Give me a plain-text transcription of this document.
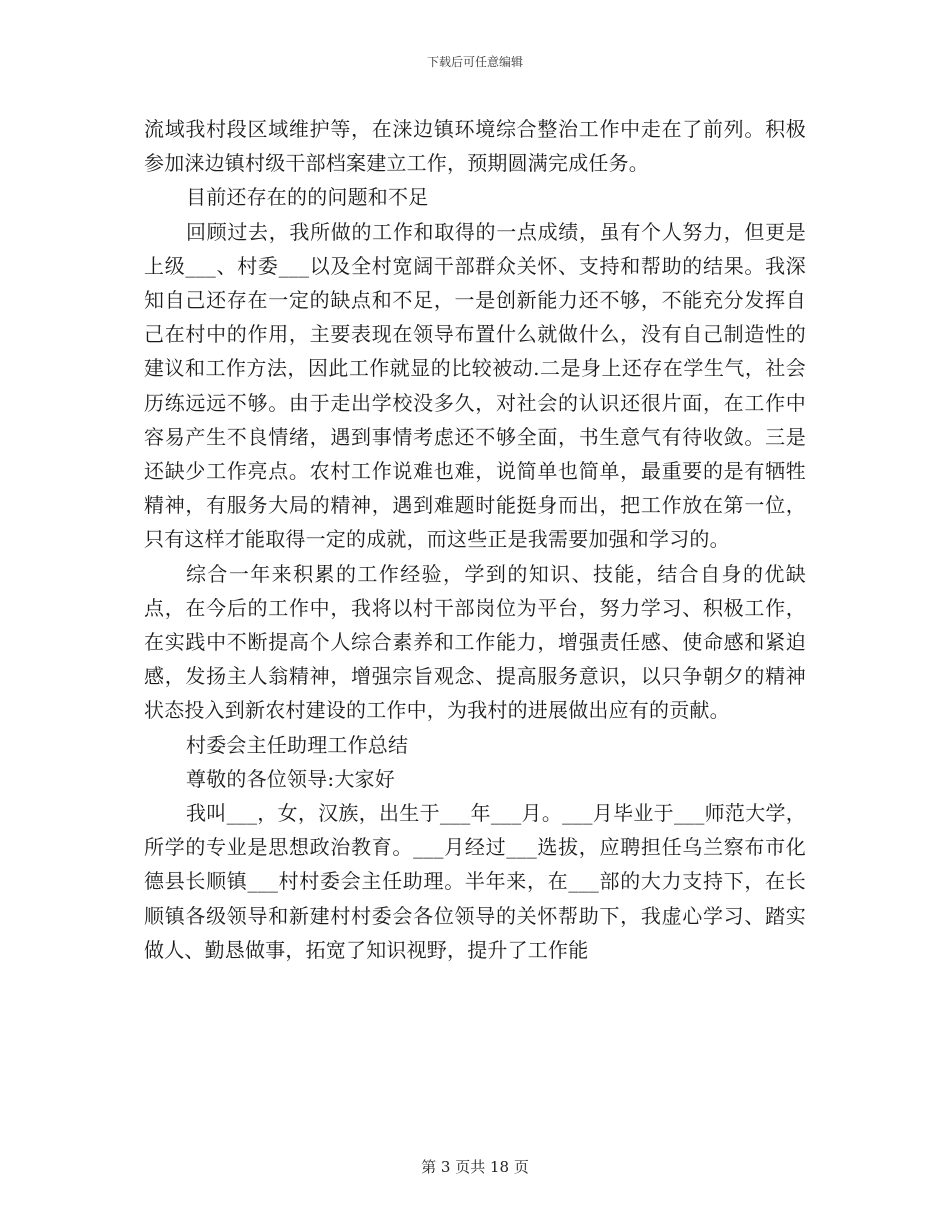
下载后可任意编辑

流域我村段区域维护等，在涞边镇环境综合整治工作中走在了前列。积极参加涞边镇村级干部档案建立工作，预期圆满完成任务。

目前还存在的的问题和不足

回顾过去，我所做的工作和取得的一点成绩，虽有个人努力，但更是上级___、村委___以及全村宽阔干部群众关怀、支持和帮助的结果。我深知自己还存在一定的缺点和不足，一是创新能力还不够，不能充分发挥自己在村中的作用，主要表现在领导布置什么就做什么，没有自己制造性的建议和工作方法，因此工作就显的比较被动.二是身上还存在学生气，社会历练远远不够。由于走出学校没多久，对社会的认识还很片面，在工作中容易产生不良情绪，遇到事情考虑还不够全面，书生意气有待收敛。三是还缺少工作亮点。农村工作说难也难，说简单也简单，最重要的是有牺牲精神，有服务大局的精神，遇到难题时能挺身而出，把工作放在第一位，只有这样才能取得一定的成就，而这些正是我需要加强和学习的。

综合一年来积累的工作经验，学到的知识、技能，结合自身的优缺点，在今后的工作中，我将以村干部岗位为平台，努力学习、积极工作，在实践中不断提高个人综合素养和工作能力，增强责任感、使命感和紧迫感，发扬主人翁精神，增强宗旨观念、提高服务意识，以只争朝夕的精神状态投入到新农村建设的工作中，为我村的进展做出应有的贡献。

村委会主任助理工作总结

尊敬的各位领导:大家好

我叫___，女，汉族，出生于___年___月。___月毕业于___师范大学，所学的专业是思想政治教育。___月经过___选拔，应聘担任乌兰察布市化德县长顺镇___村村委会主任助理。半年来，在___部的大力支持下，在长顺镇各级领导和新建村村委会各位领导的关怀帮助下，我虚心学习、踏实做人、勤恳做事，拓宽了知识视野，提升了工作能

第 3 页共 18 页
